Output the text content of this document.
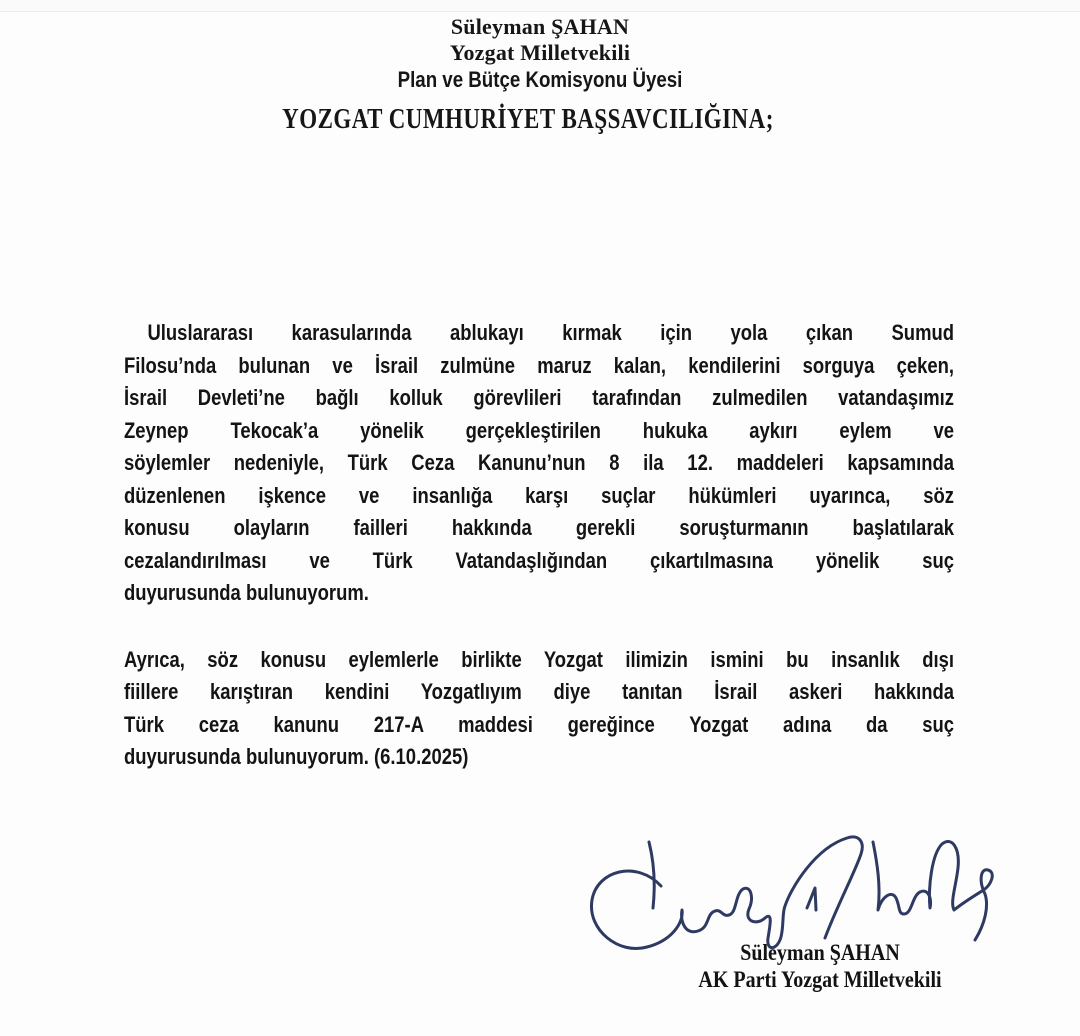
Süleyman ŞAHAN
Yozgat Milletvekili
Plan ve Bütçe Komisyonu Üyesi
YOZGAT CUMHURİYET BAŞSAVCILIĞINA;
Uluslararası karasularında ablukayı kırmak için yola çıkan Sumud
Filosu’nda bulunan ve İsrail zulmüne maruz kalan, kendilerini sorguya çeken,
İsrail Devleti’ne bağlı kolluk görevlileri tarafından zulmedilen vatandaşımız
Zeynep Tekocak’a yönelik gerçekleştirilen hukuka aykırı eylem ve
söylemler nedeniyle, Türk Ceza Kanunu’nun 8 ila 12. maddeleri kapsamında
düzenlenen işkence ve insanlığa karşı suçlar hükümleri uyarınca, söz
konusu olayların failleri hakkında gerekli soruşturmanın başlatılarak
cezalandırılması ve Türk Vatandaşlığından çıkartılmasına yönelik suç
duyurusunda bulunuyorum.
Ayrıca, söz konusu eylemlerle birlikte Yozgat ilimizin ismini bu insanlık dışı
fiillere karıştıran kendini Yozgatlıyım diye tanıtan İsrail askeri hakkında
Türk ceza kanunu 217-A maddesi gereğince Yozgat adına da suç
duyurusunda bulunuyorum. (6.10.2025)
Süleyman ŞAHAN
AK Parti Yozgat Milletvekili
